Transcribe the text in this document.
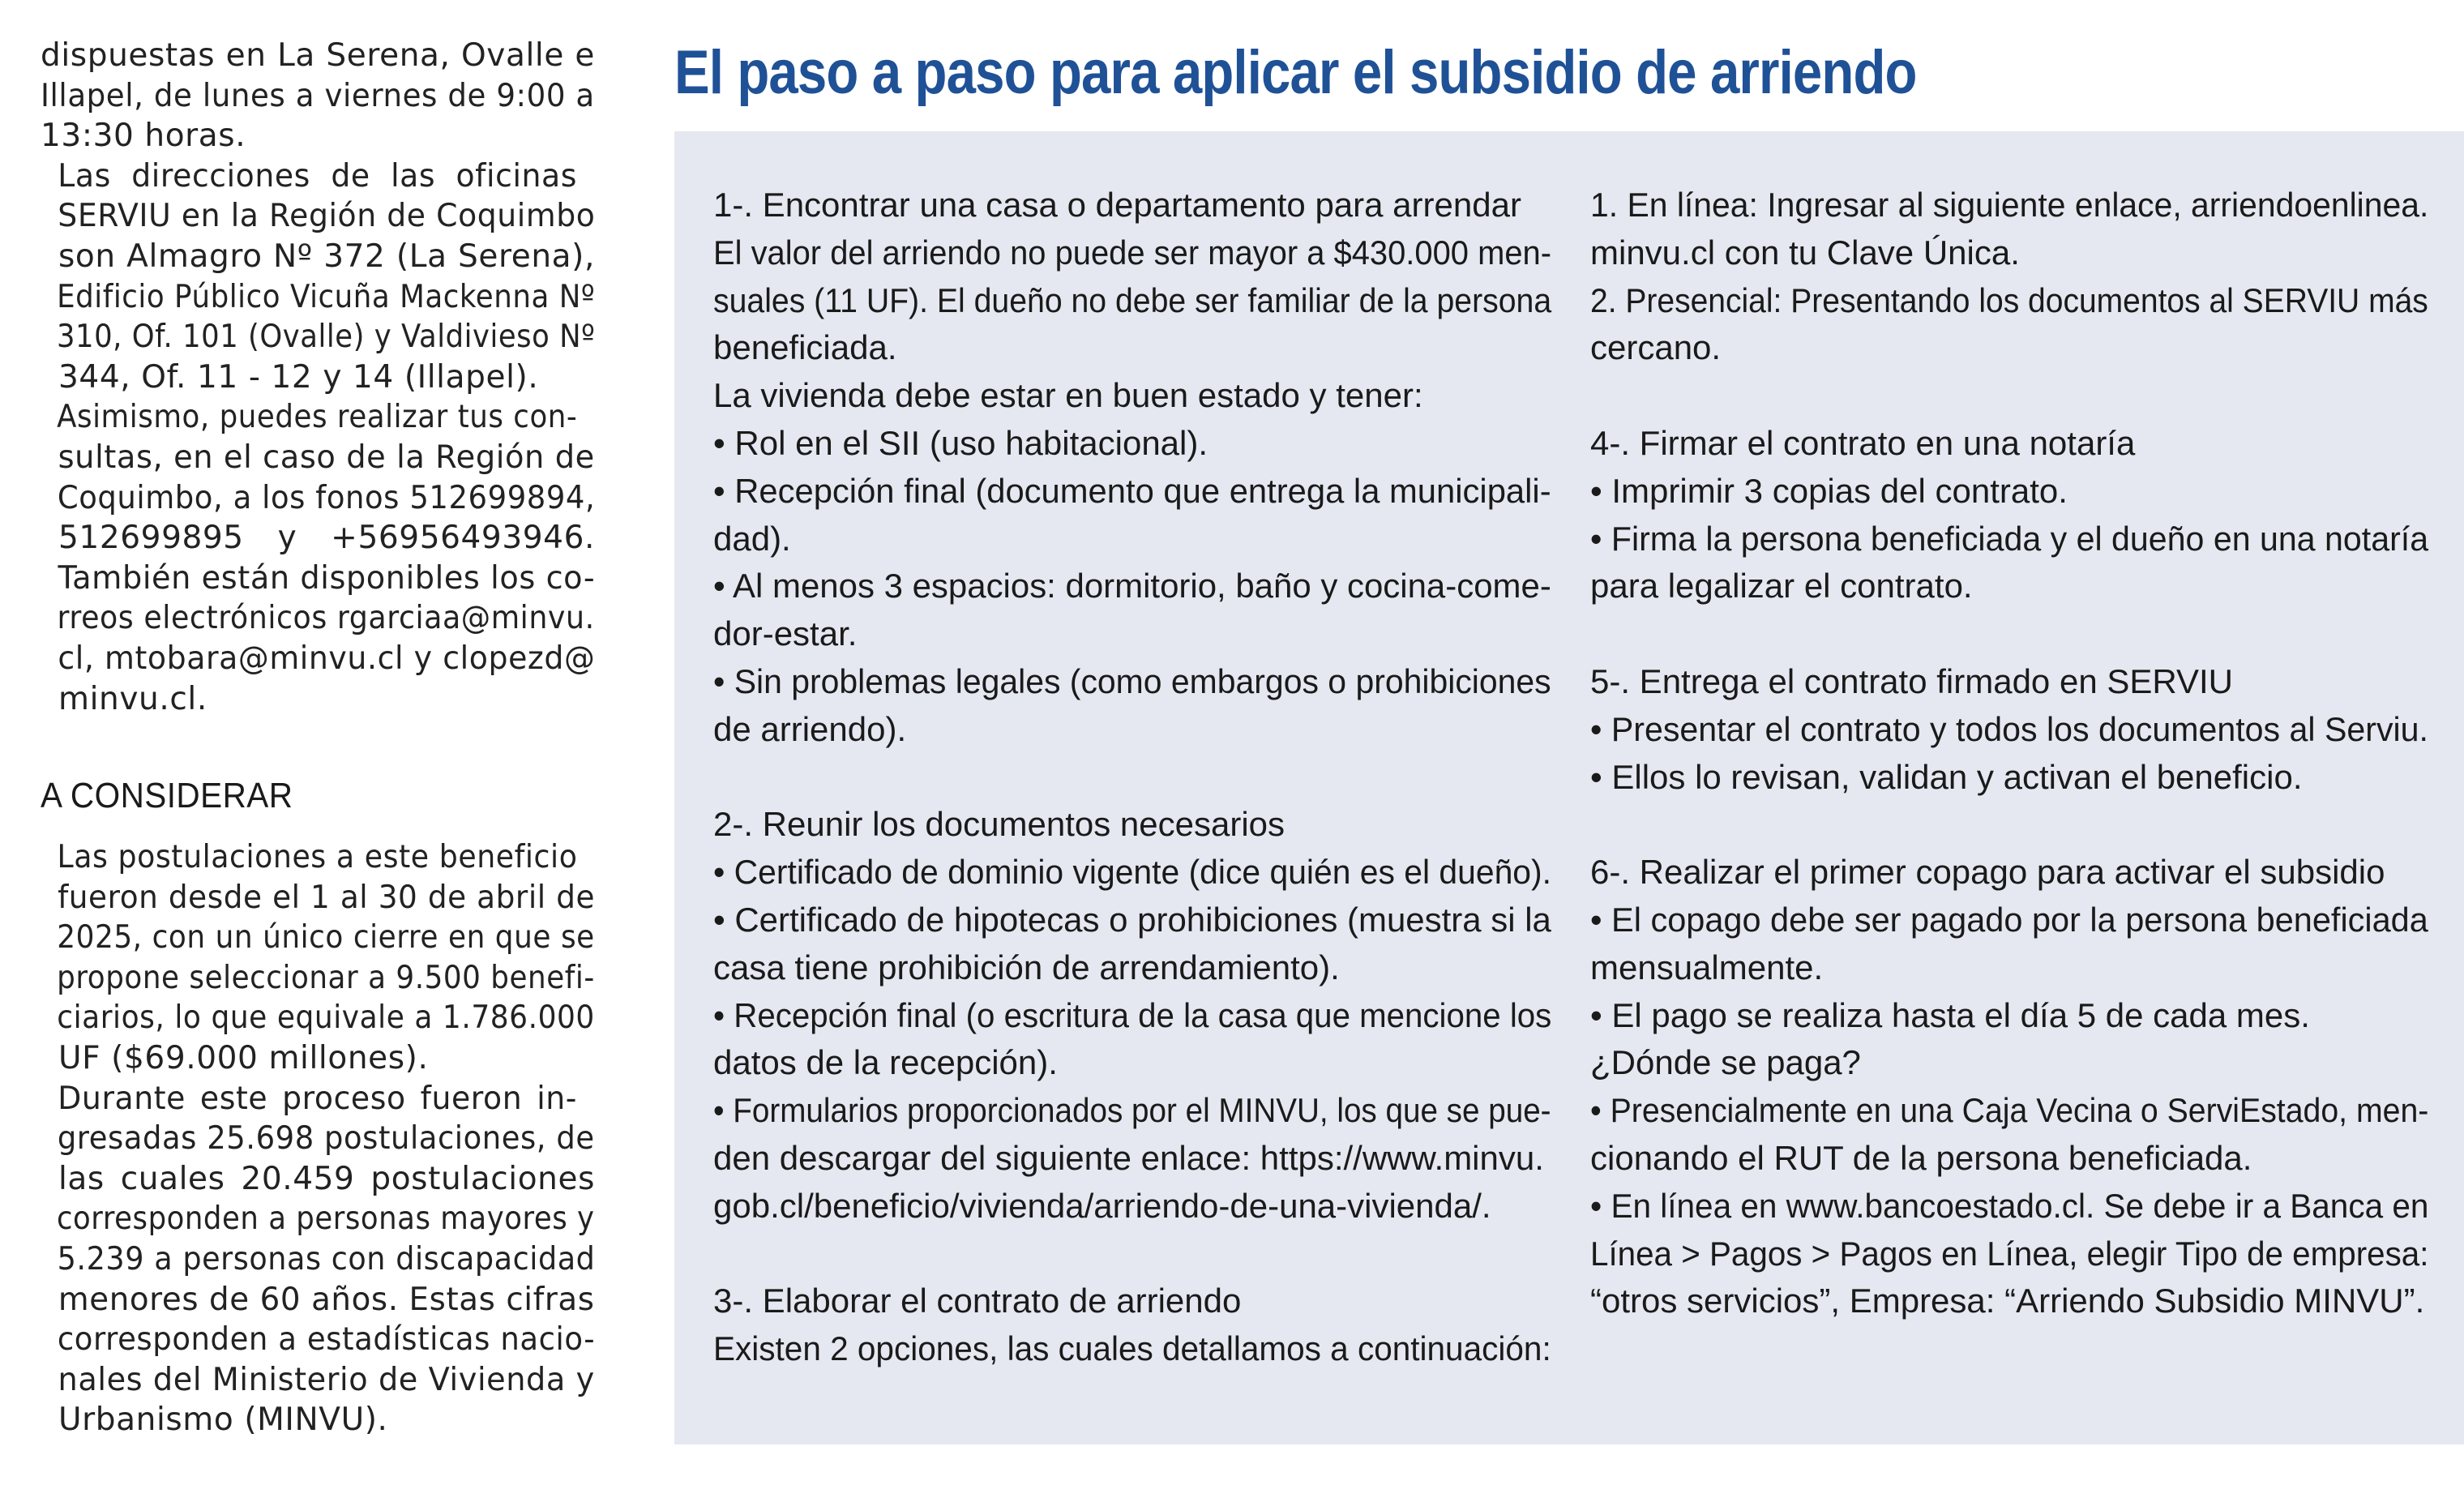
dispuestas en La Serena, Ovalle e
Illapel, de lunes a viernes de 9:00 a
13:30 horas.

Las direcciones de las oficinas
SERVIU en la Región de Coquimbo
son Almagro Nº 372 (La Serena),
Edificio Público Vicuña Mackenna Nº
310, Of. 101 (Ovalle) y Valdivieso Nº
344, Of. 11 - 12 y 14 (Illapel).

Asimismo, puedes realizar tus con-
sultas, en el caso de la Región de
Coquimbo, a los fonos 512699894,
512699895 y +56956493946.
También están disponibles los co-
rreos electrónicos rgarciaa@minvu.
cl, mtobara@minvu.cl y clopezd@
minvu.cl.

A CONSIDERAR

Las postulaciones a este beneficio
fueron desde el 1 al 30 de abril de
2025, con un único cierre en que se
propone seleccionar a 9.500 benefi-
ciarios, lo que equivale a 1.786.000
UF ($69.000 millones).

Durante este proceso fueron in-
gresadas 25.698 postulaciones, de
las cuales 20.459 postulaciones
corresponden a personas mayores y
5.239 a personas con discapacidad
menores de 60 años. Estas cifras
corresponden a estadísticas nacio-
nales del Ministerio de Vivienda y
Urbanismo (MINVU).

El paso a paso para aplicar el subsidio de arriendo
1-. Encontrar una casa o departamento para arrendar
El valor del arriendo no puede ser mayor a $430.000 men-
suales (11 UF). El dueño no debe ser familiar de la persona
beneficiada.
La vivienda debe estar en buen estado y tener:
• Rol en el SII (uso habitacional).
• Recepción final (documento que entrega la municipali-
dad).
• Al menos 3 espacios: dormitorio, baño y cocina-come-
dor-estar.
• Sin problemas legales (como embargos o prohibiciones
de arriendo).
2-. Reunir los documentos necesarios
• Certificado de dominio vigente (dice quién es el dueño).
• Certificado de hipotecas o prohibiciones (muestra si la
casa tiene prohibición de arrendamiento).
• Recepción final (o escritura de la casa que mencione los
datos de la recepción).
• Formularios proporcionados por el MINVU, los que se pue-
den descargar del siguiente enlace: https://www.minvu.
gob.cl/beneficio/vivienda/arriendo-de-una-vivienda/.
3-. Elaborar el contrato de arriendo
Existen 2 opciones, las cuales detallamos a continuación:
1. En línea: Ingresar al siguiente enlace, arriendoenlinea.
minvu.cl con tu Clave Única.
2. Presencial: Presentando los documentos al SERVIU más
cercano.
4-. Firmar el contrato en una notaría
• Imprimir 3 copias del contrato.
• Firma la persona beneficiada y el dueño en una notaría
para legalizar el contrato.
5-. Entrega el contrato firmado en SERVIU
• Presentar el contrato y todos los documentos al Serviu.
• Ellos lo revisan, validan y activan el beneficio.
6-. Realizar el primer copago para activar el subsidio
• El copago debe ser pagado por la persona beneficiada
mensualmente.
• El pago se realiza hasta el día 5 de cada mes.
¿Dónde se paga?
• Presencialmente en una Caja Vecina o ServiEstado, men-
cionando el RUT de la persona beneficiada.
• En línea en www.bancoestado.cl. Se debe ir a Banca en
Línea > Pagos > Pagos en Línea, elegir Tipo de empresa:
“otros servicios”, Empresa: “Arriendo Subsidio MINVU”.
